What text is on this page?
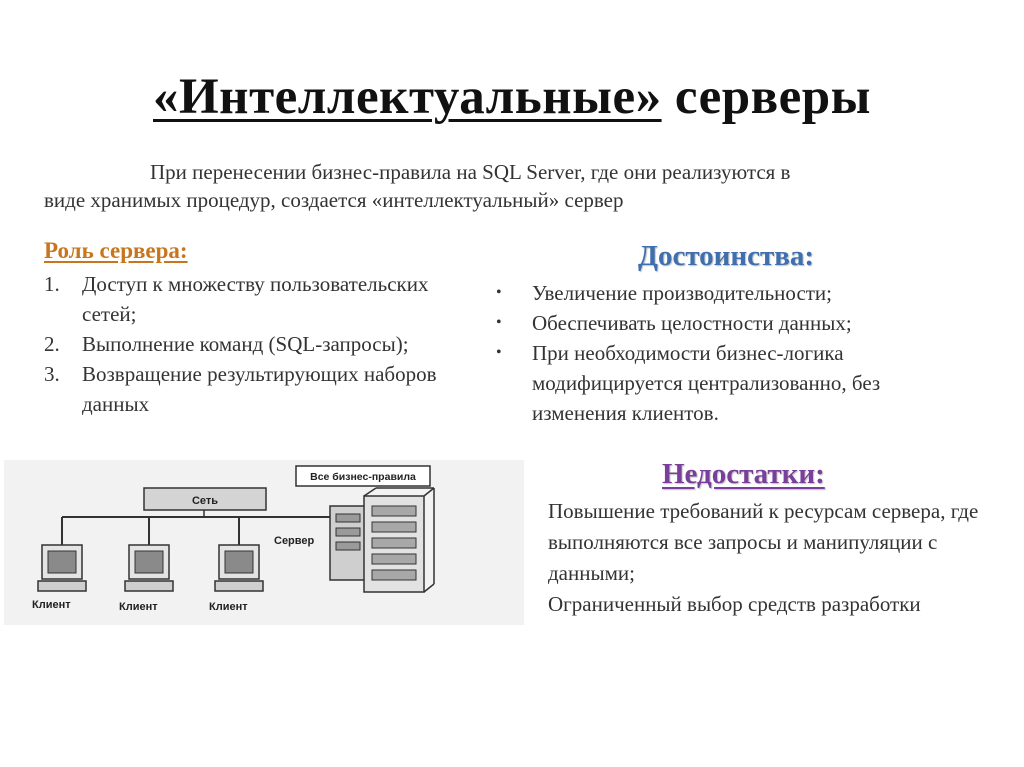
«Интеллектуальные» серверы
При перенесении бизнес-правила на SQL Server, где они реализуются в
виде хранимых процедур, создается «интеллектуальный» сервер
Роль сервера:
1.	Доступ к множеству пользовательских сетей;
2.	Выполнение команд (SQL-запросы);
3.	Возвращение результирующих наборов данных
Достоинства:
•	Увеличение производительности;
•	Обеспечивать целостности данных;
•	При необходимости бизнес-логика модифицируется централизованно, без изменения клиентов.
Недостатки:
Повышение требований к ресурсам сервера, где выполняются все запросы и манипуляции с данными;
Ограниченный выбор средств разработки
Сеть
Все бизнес-правила
Сервер
Клиент	Клиент	Клиент
